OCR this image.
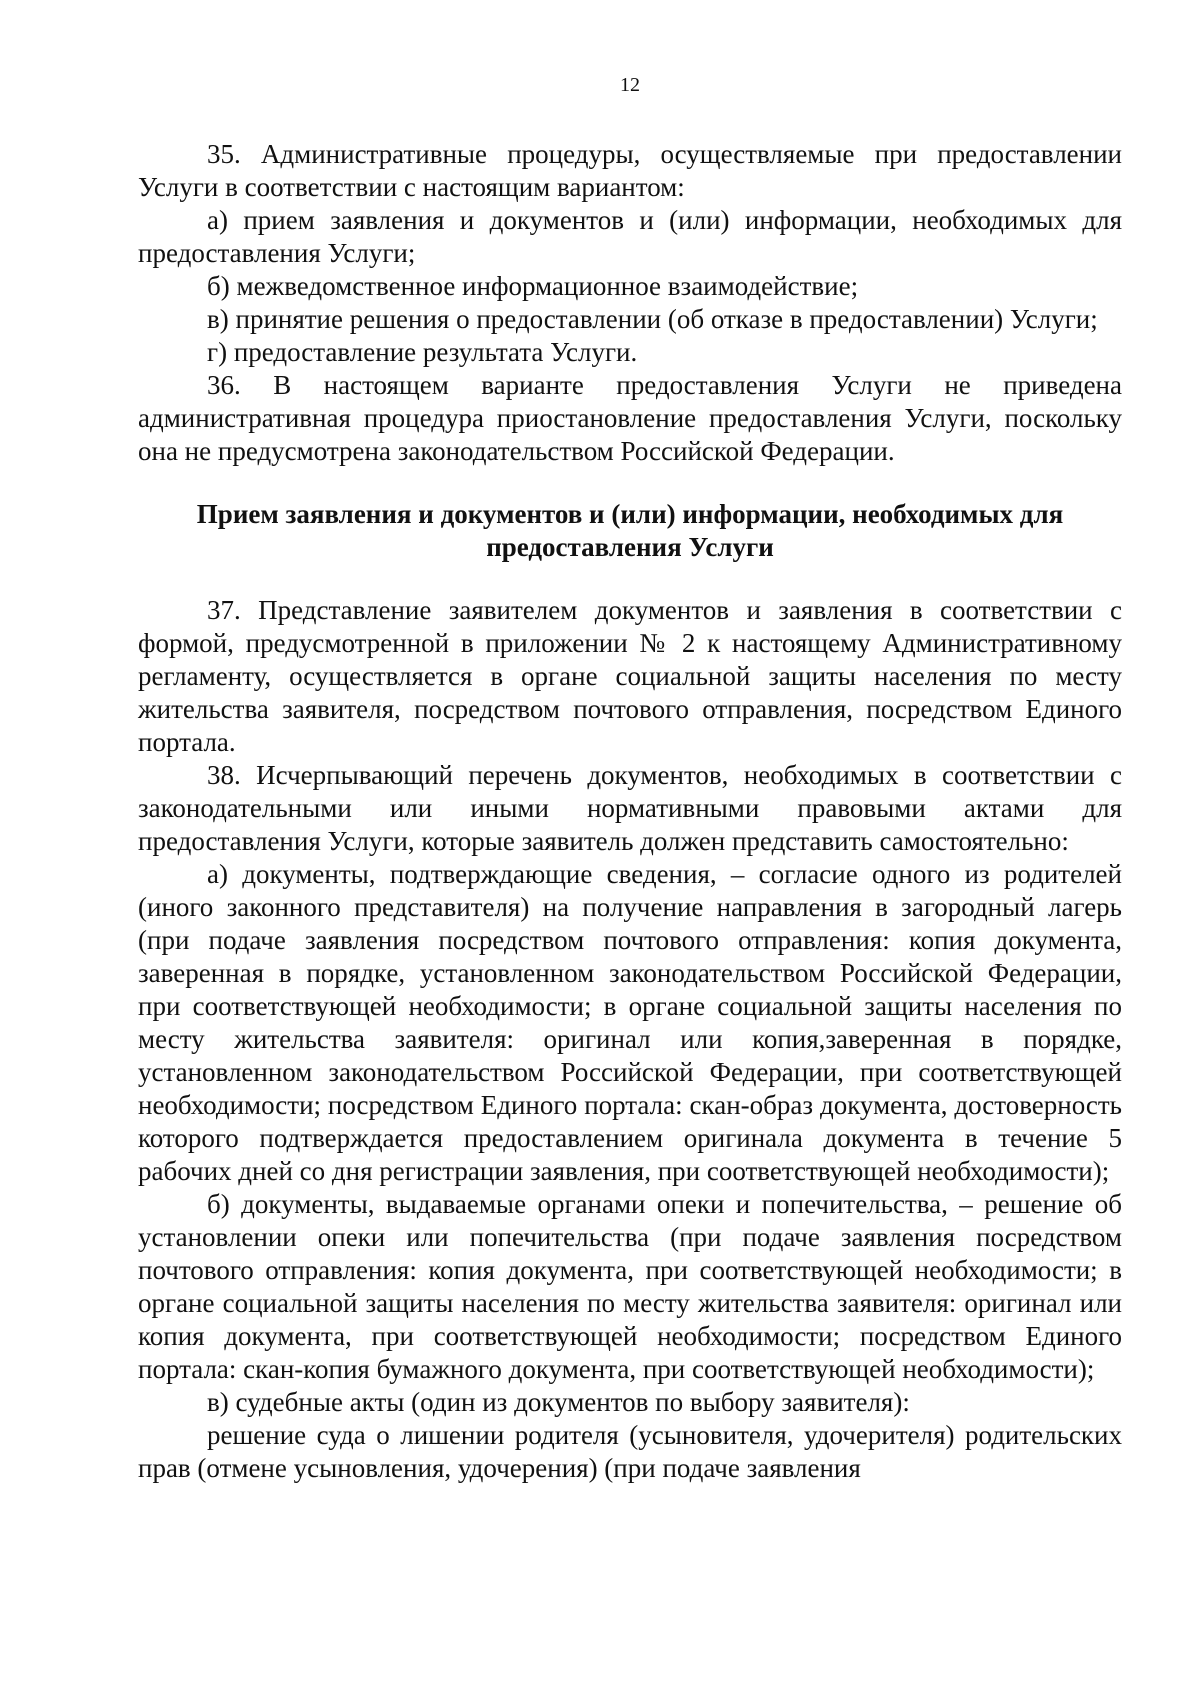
12

35. Административные процедуры, осуществляемые при предоставлении Услуги в соответствии с настоящим вариантом:

а) прием заявления и документов и (или) информации, необходимых для предоставления Услуги;

б) межведомственное информационное взаимодействие;

в) принятие решения о предоставлении (об отказе в предоставлении) Услуги;

г) предоставление результата Услуги.

36. В настоящем варианте предоставления Услуги не приведена административная процедура приостановление предоставления Услуги, поскольку она не предусмотрена законодательством Российской Федерации.

Прием заявления и документов и (или) информации, необходимых для предоставления Услуги

37. Представление заявителем документов и заявления в соответствии с формой, предусмотренной в приложении № 2 к настоящему Административному регламенту, осуществляется в органе социальной защиты населения по месту жительства заявителя, посредством почтового отправления, посредством Единого портала.

38. Исчерпывающий перечень документов, необходимых в соответствии с законодательными или иными нормативными правовыми актами для предоставления Услуги, которые заявитель должен представить самостоятельно:

а) документы, подтверждающие сведения, – согласие одного из родителей (иного законного представителя) на получение направления в загородный лагерь (при подаче заявления посредством почтового отправления: копия документа, заверенная в порядке, установленном законодательством Российской Федерации, при соответствующей необходимости; в органе социальной защиты населения по месту жительства заявителя: оригинал или копия,заверенная в порядке, установленном законодательством Российской Федерации, при соответствующей необходимости; посредством Единого портала: скан-образ документа, достоверность которого подтверждается предоставлением оригинала документа в течение 5 рабочих дней со дня регистрации заявления, при соответствующей необходимости);

б) документы, выдаваемые органами опеки и попечительства, – решение об установлении опеки или попечительства (при подаче заявления посредством почтового отправления: копия документа, при соответствующей необходимости; в органе социальной защиты населения по месту жительства заявителя: оригинал или копия документа, при соответствующей необходимости; посредством Единого портала: скан-копия бумажного документа, при соответствующей необходимости);

в) судебные акты (один из документов по выбору заявителя):

решение суда о лишении родителя (усыновителя, удочерителя) родительских прав (отмене усыновления, удочерения) (при подаче заявления
